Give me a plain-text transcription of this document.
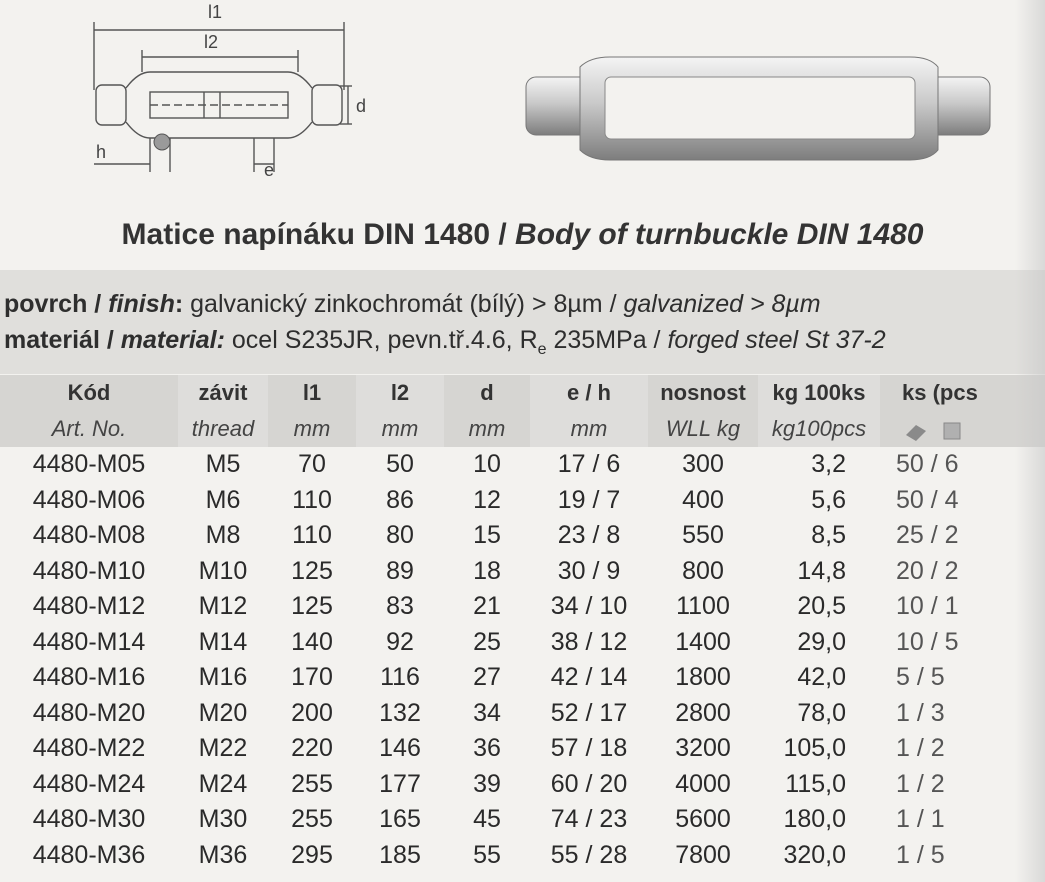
l1
l2
d
h
e
Matice napínáku DIN 1480 / Body of turnbuckle DIN 1480
povrch / finish: galvanický zinkochromát (bílý) > 8µm / galvanized > 8µm
materiál / material: ocel S235JR, pevn.tř.4.6, $R_e$ 235MPa / forged steel St 37-2
Kód	závit	l1	l2	d	e / h	nosnost	kg 100ks	ks (pcs
Art. No.	thread	mm	mm	mm	mm	WLL kg	kg100pcs	
4480-M05	M5	70	50	10	17 / 6	300	3,2	50 / 6
4480-M06	M6	110	86	12	19 / 7	400	5,6	50 / 4
4480-M08	M8	110	80	15	23 / 8	550	8,5	25 / 2
4480-M10	M10	125	89	18	30 / 9	800	14,8	20 / 2
4480-M12	M12	125	83	21	34 / 10	1100	20,5	10 / 1
4480-M14	M14	140	92	25	38 / 12	1400	29,0	10 / 5
4480-M16	M16	170	116	27	42 / 14	1800	42,0	5 / 5
4480-M20	M20	200	132	34	52 / 17	2800	78,0	1 / 3
4480-M22	M22	220	146	36	57 / 18	3200	105,0	1 / 2
4480-M24	M24	255	177	39	60 / 20	4000	115,0	1 / 2
4480-M30	M30	255	165	45	74 / 23	5600	180,0	1 / 1
4480-M36	M36	295	185	55	55 / 28	7800	320,0	1 / 5
